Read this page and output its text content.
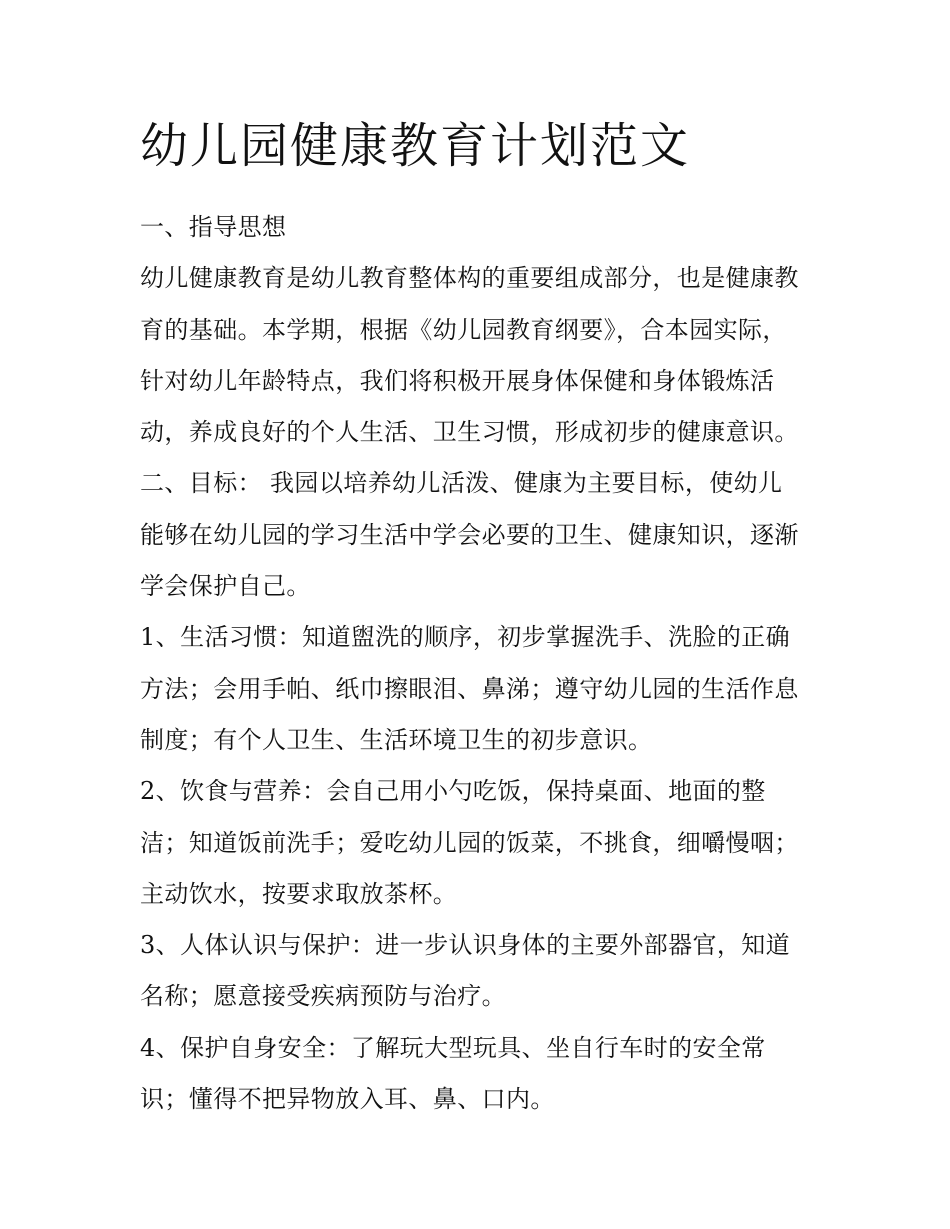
幼儿园健康教育计划范文
一、指导思想
幼儿健康教育是幼儿教育整体构的重要组成部分，也是健康教
育的基础。本学期，根据《幼儿园教育纲要》，合本园实际，
针对幼儿年龄特点，我们将积极开展身体保健和身体锻炼活
动，养成良好的个人生活、卫生习惯，形成初步的健康意识。
二、目标： 我园以培养幼儿活泼、健康为主要目标，使幼儿
能够在幼儿园的学习生活中学会必要的卫生、健康知识，逐渐
学会保护自己。
1、生活习惯：知道盥洗的顺序，初步掌握洗手、洗脸的正确
方法；会用手帕、纸巾擦眼泪、鼻涕；遵守幼儿园的生活作息
制度；有个人卫生、生活环境卫生的初步意识。
2、饮食与营养：会自己用小勺吃饭，保持桌面、地面的整
洁；知道饭前洗手；爱吃幼儿园的饭菜，不挑食，细嚼慢咽；
主动饮水，按要求取放茶杯。
3、人体认识与保护：进一步认识身体的主要外部器官，知道
名称；愿意接受疾病预防与治疗。
4、保护自身安全：了解玩大型玩具、坐自行车时的安全常
识；懂得不把异物放入耳、鼻、口内。
